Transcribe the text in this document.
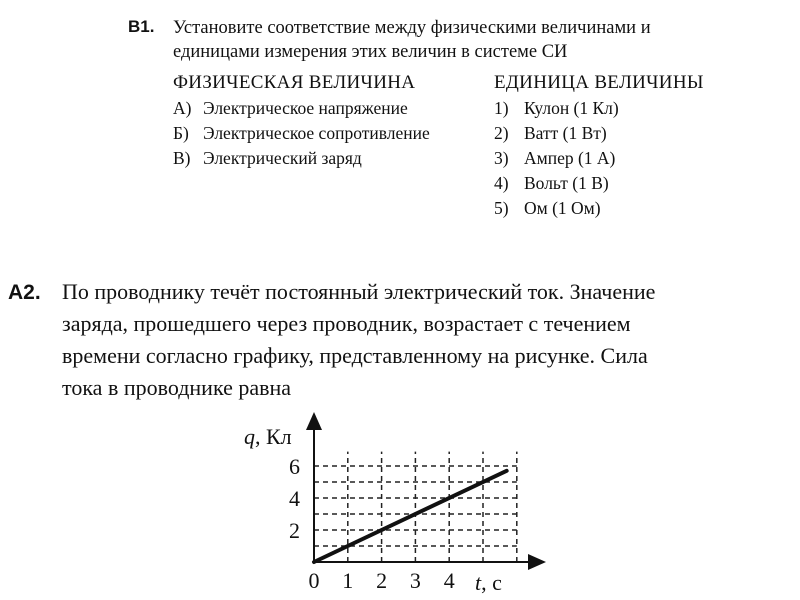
B1. Установите соответствие между физическими величинами и
единицами измерения этих величин в системе СИ
ФИЗИЧЕСКАЯ ВЕЛИЧИНА	ЕДИНИЦА ВЕЛИЧИНЫ
А) Электрическое напряжение
Б) Электрическое сопротивление
В) Электрический заряд
1) Кулон (1 Кл)
2) Ватт (1 Вт)
3) Ампер (1 А)
4) Вольт (1 В)
5) Ом (1 Ом)
A2. По проводнику течёт постоянный электрический ток. Значение
заряда, прошедшего через проводник, возрастает с течением
времени согласно графику, представленному на рисунке. Сила
тока в проводнике равна
0 1 2 3 4
2
4
6
q, Кл
t, с
